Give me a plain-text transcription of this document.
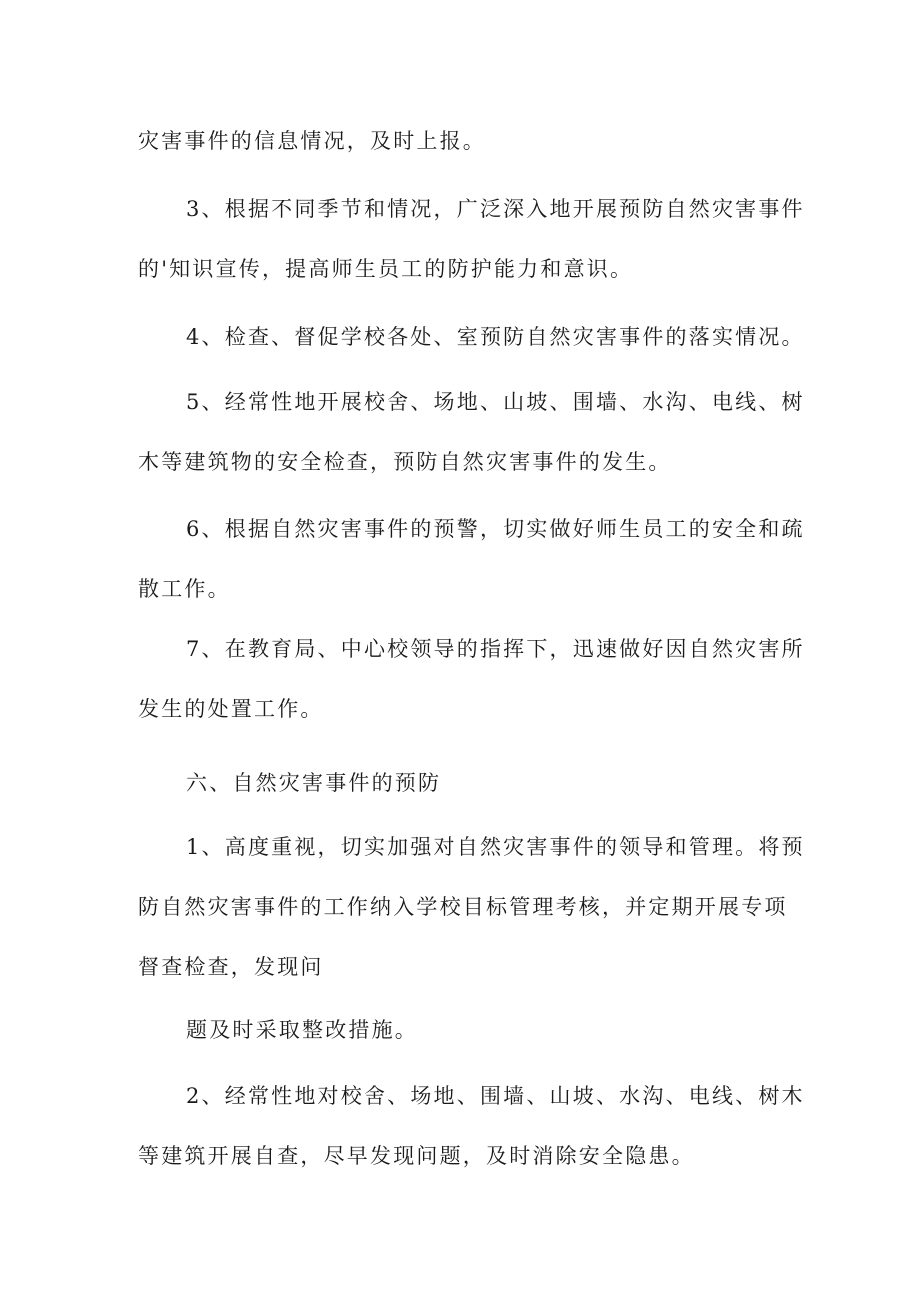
灾害事件的信息情况，及时上报。
3、根据不同季节和情况，广泛深入地开展预防自然灾害事件
的'知识宣传，提高师生员工的防护能力和意识。
4、检查、督促学校各处、室预防自然灾害事件的落实情况。
5、经常性地开展校舍、场地、山坡、围墙、水沟、电线、树
木等建筑物的安全检查，预防自然灾害事件的发生。
6、根据自然灾害事件的预警，切实做好师生员工的安全和疏
散工作。
7、在教育局、中心校领导的指挥下，迅速做好因自然灾害所
发生的处置工作。
六、自然灾害事件的预防
1、高度重视，切实加强对自然灾害事件的领导和管理。将预
防自然灾害事件的工作纳入学校目标管理考核，并定期开展专项
督查检查，发现问
题及时采取整改措施。
2、经常性地对校舍、场地、围墙、山坡、水沟、电线、树木
等建筑开展自查，尽早发现问题，及时消除安全隐患。
